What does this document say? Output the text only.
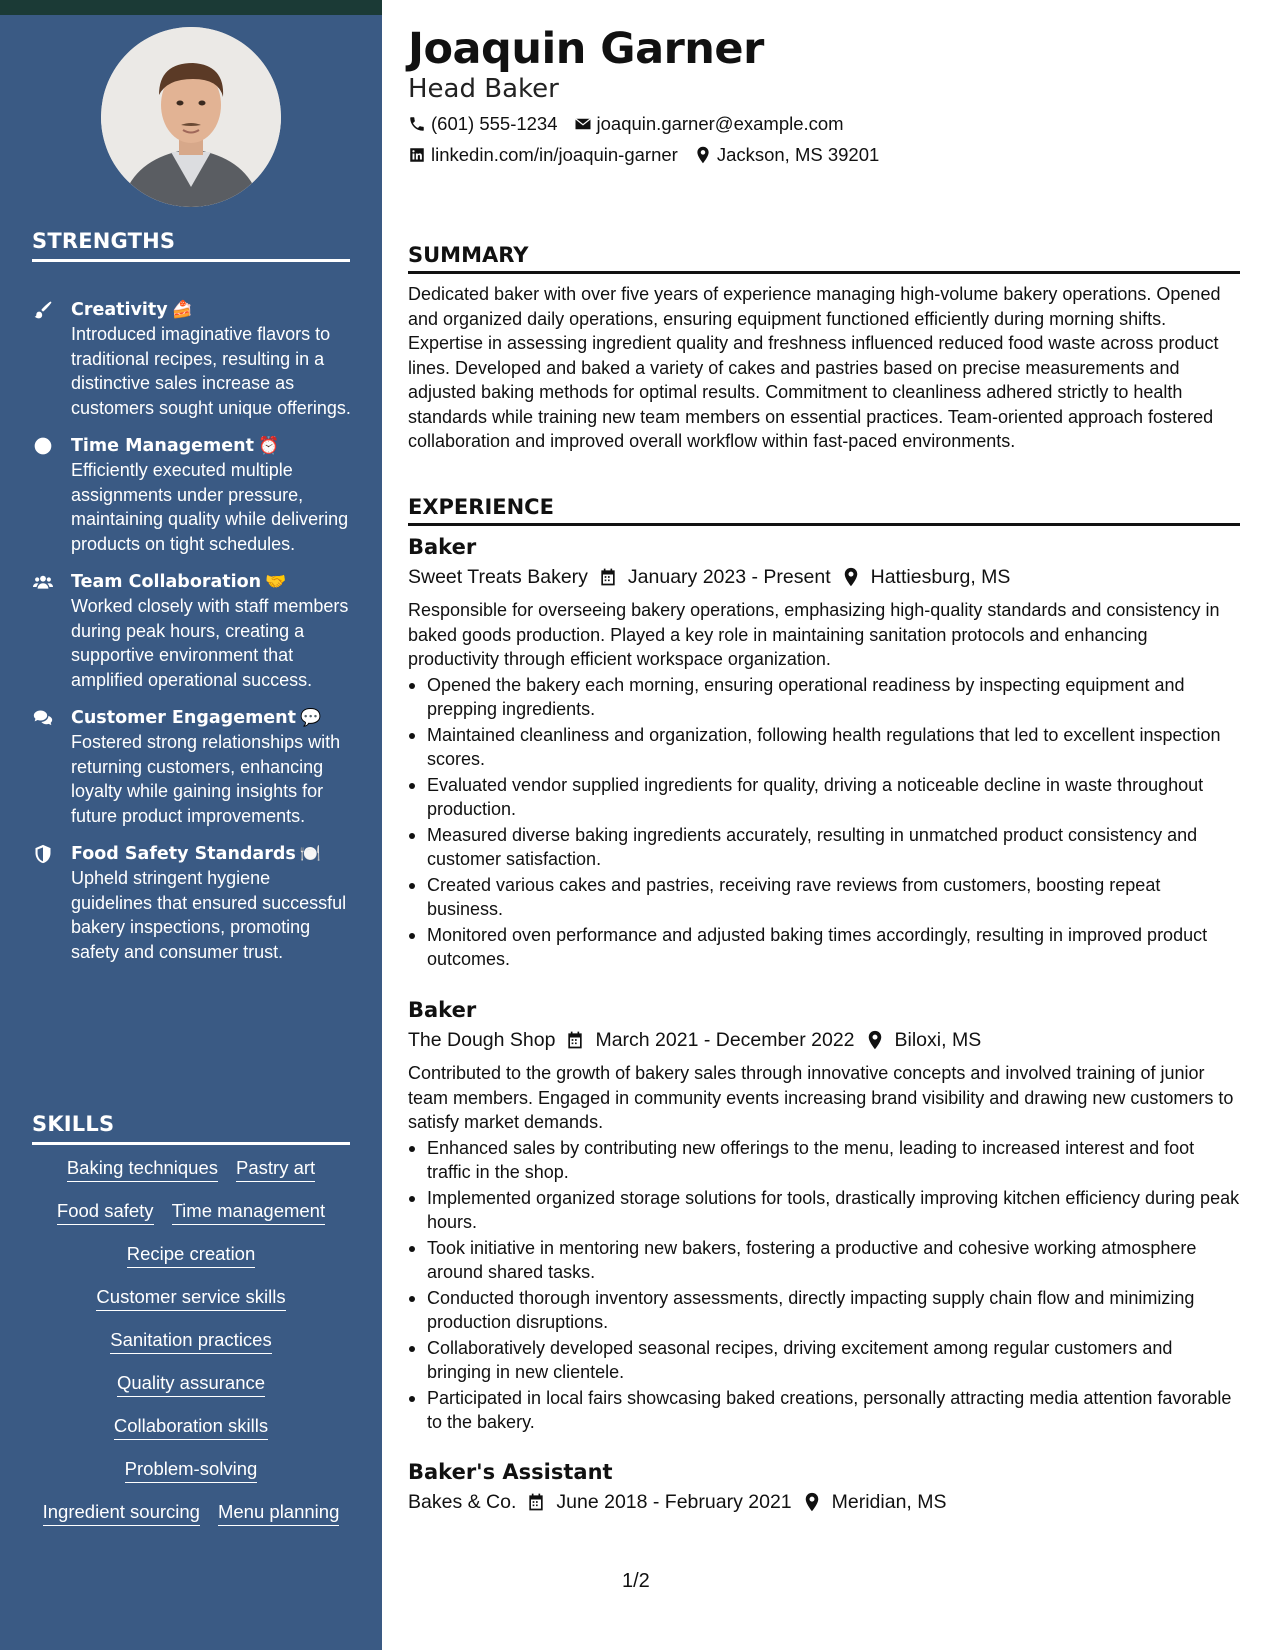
STRENGTHS
Creativity 🍰
Introduced imaginative flavors to traditional recipes, resulting in a distinctive sales increase as customers sought unique offerings.
Time Management ⏰
Efficiently executed multiple assignments under pressure, maintaining quality while delivering products on tight schedules.
Team Collaboration 🤝
Worked closely with staff members during peak hours, creating a supportive environment that amplified operational success.
Customer Engagement 💬
Fostered strong relationships with returning customers, enhancing loyalty while gaining insights for future product improvements.
Food Safety Standards 🍽️
Upheld stringent hygiene guidelines that ensured successful bakery inspections, promoting safety and consumer trust.
SKILLS
Baking techniques Pastry art
Food safety Time management
Recipe creation
Customer service skills
Sanitation practices
Quality assurance
Collaboration skills
Problem-solving
Ingredient sourcing Menu planning
Joaquin Garner
Head Baker
(601) 555-1234 joaquin.garner@example.com
linkedin.com/in/joaquin-garner Jackson, MS 39201
SUMMARY
Dedicated baker with over five years of experience managing high-volume bakery operations. Opened and organized daily operations, ensuring equipment functioned efficiently during morning shifts. Expertise in assessing ingredient quality and freshness influenced reduced food waste across product lines. Developed and baked a variety of cakes and pastries based on precise measurements and adjusted baking methods for optimal results. Commitment to cleanliness adhered strictly to health standards while training new team members on essential practices. Team-oriented approach fostered collaboration and improved overall workflow within fast-paced environments.
EXPERIENCE
Baker
Sweet Treats Bakery January 2023 - Present Hattiesburg, MS
Responsible for overseeing bakery operations, emphasizing high-quality standards and consistency in baked goods production. Played a key role in maintaining sanitation protocols and enhancing productivity through efficient workspace organization.
Opened the bakery each morning, ensuring operational readiness by inspecting equipment and prepping ingredients.
Maintained cleanliness and organization, following health regulations that led to excellent inspection scores.
Evaluated vendor supplied ingredients for quality, driving a noticeable decline in waste throughout production.
Measured diverse baking ingredients accurately, resulting in unmatched product consistency and customer satisfaction.
Created various cakes and pastries, receiving rave reviews from customers, boosting repeat business.
Monitored oven performance and adjusted baking times accordingly, resulting in improved product outcomes.
Baker
The Dough Shop March 2021 - December 2022 Biloxi, MS
Contributed to the growth of bakery sales through innovative concepts and involved training of junior team members. Engaged in community events increasing brand visibility and drawing new customers to satisfy market demands.
Enhanced sales by contributing new offerings to the menu, leading to increased interest and foot traffic in the shop.
Implemented organized storage solutions for tools, drastically improving kitchen efficiency during peak hours.
Took initiative in mentoring new bakers, fostering a productive and cohesive working atmosphere around shared tasks.
Conducted thorough inventory assessments, directly impacting supply chain flow and minimizing production disruptions.
Collaboratively developed seasonal recipes, driving excitement among regular customers and bringing in new clientele.
Participated in local fairs showcasing baked creations, personally attracting media attention favorable to the bakery.
Baker's Assistant
Bakes & Co. June 2018 - February 2021 Meridian, MS
1/2
